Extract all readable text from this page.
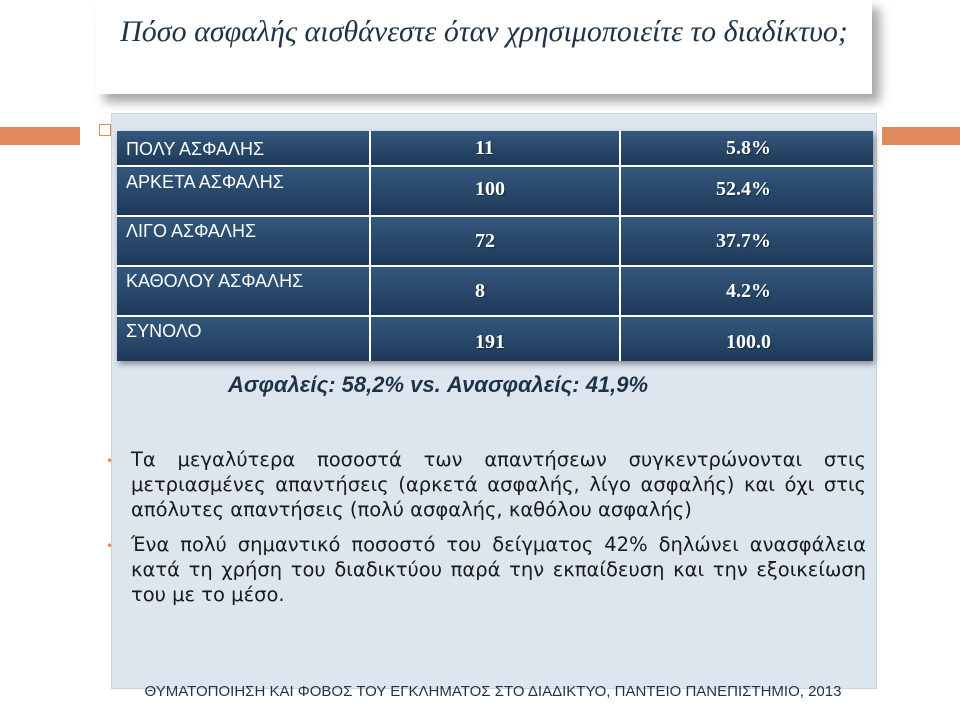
Πόσο ασφαλής αισθάνεστε όταν χρησιμοποιείτε το διαδίκτυο;
ΠΟΛΥ ΑΣΦΑΛΗΣ	11	5.8%
ΑΡΚΕΤΑ ΑΣΦΑΛΗΣ	100	52.4%
ΛΙΓΟ ΑΣΦΑΛΗΣ	72	37.7%
ΚΑΘΟΛΟΥ ΑΣΦΑΛΗΣ	8	4.2%
ΣΥΝΟΛΟ	191	100.0
Ασφαλείς: 58,2% vs. Ανασφαλείς: 41,9%
• Τα μεγαλύτερα ποσοστά των απαντήσεων συγκεντρώνονται στις μετριασμένες απαντήσεις (αρκετά ασφαλής, λίγο ασφαλής) και όχι στις απόλυτες απαντήσεις (πολύ ασφαλής, καθόλου ασφαλής)
• Ένα πολύ σημαντικό ποσοστό του δείγματος 42% δηλώνει ανασφάλεια κατά τη χρήση του διαδικτύου παρά την εκπαίδευση και την εξοικείωση του με το μέσο.
ΘΥΜΑΤΟΠΟΙΗΣΗ ΚΑΙ ΦΟΒΟΣ ΤΟΥ ΕΓΚΛΗΜΑΤΟΣ ΣΤΟ ΔΙΑΔΙΚΤΥΟ, ΠΑΝΤΕΙΟ ΠΑΝΕΠΙΣΤΗΜΙΟ, 2013
